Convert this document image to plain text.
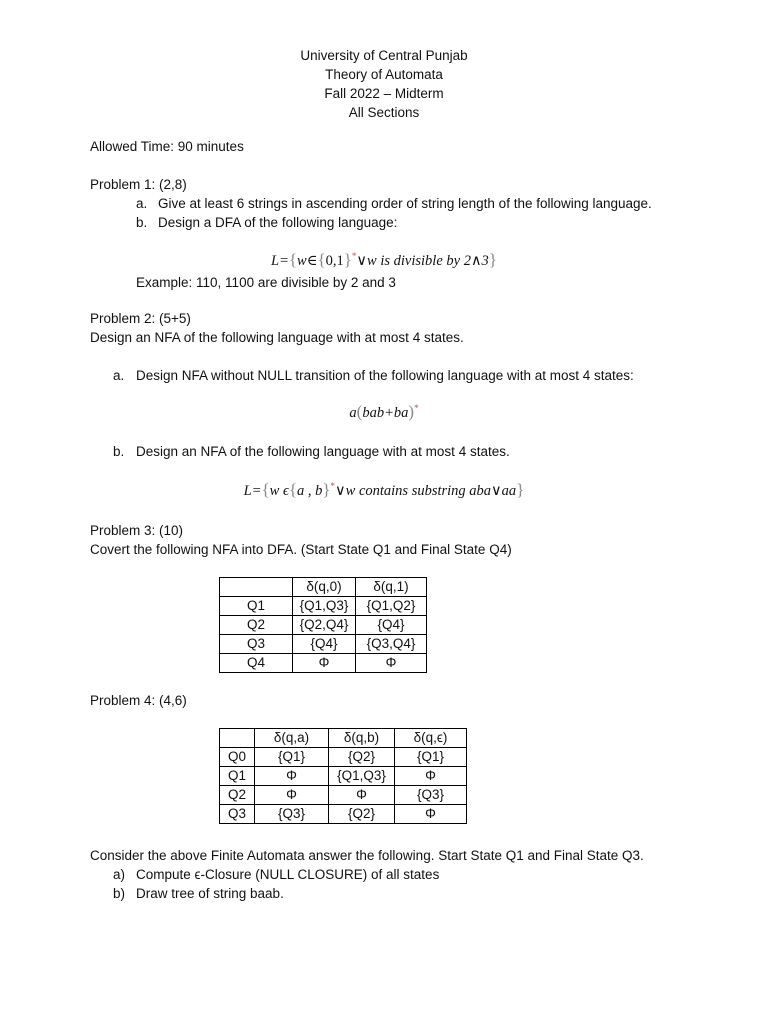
University of Central Punjab
Theory of Automata
Fall 2022 – Midterm
All Sections
Allowed Time: 90 minutes
Problem 1: (2,8)
a. Give at least 6 strings in ascending order of string length of the following language.
b. Design a DFA of the following language:
L={w∈{0,1}*∨w is divisible by 2∧3}
Example: 110, 1100 are divisible by 2 and 3
Problem 2: (5+5)
Design an NFA of the following language with at most 4 states.
a. Design NFA without NULL transition of the following language with at most 4 states:
a(bab+ba)*
b. Design an NFA of the following language with at most 4 states.
L={w ϵ{a , b}*∨w contains substring aba∨aa}
Problem 3: (10)
Covert the following NFA into DFA. (Start State Q1 and Final State Q4)
	δ(q,0)	δ(q,1)
Q1	{Q1,Q3}	{Q1,Q2}
Q2	{Q2,Q4}	{Q4}
Q3	{Q4}	{Q3,Q4}
Q4	Φ	Φ
Problem 4: (4,6)
	δ(q,a)	δ(q,b)	δ(q,ϵ)
Q0	{Q1}	{Q2}	{Q1}
Q1	Φ	{Q1,Q3}	Φ
Q2	Φ	Φ	{Q3}
Q3	{Q3}	{Q2}	Φ
Consider the above Finite Automata answer the following. Start State Q1 and Final State Q3.
a) Compute ϵ-Closure (NULL CLOSURE) of all states
b) Draw tree of string baab.
